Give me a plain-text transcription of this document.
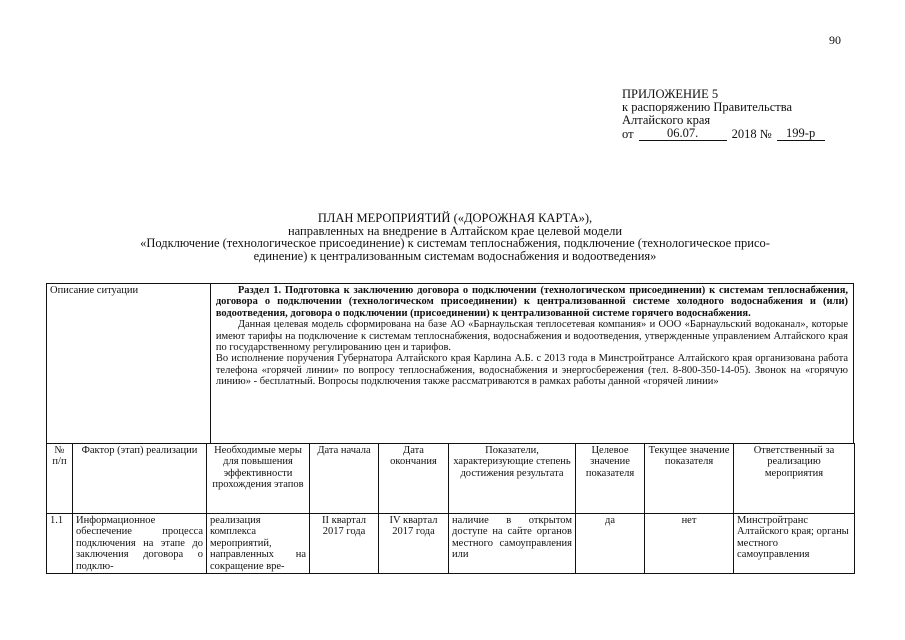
90
ПРИЛОЖЕНИЕ 5
к распоряжению Правительства
Алтайского края
от	06.07.	2018 №	199-р
ПЛАН МЕРОПРИЯТИЙ («ДОРОЖНАЯ КАРТА»),
направленных на внедрение в Алтайском крае целевой модели
«Подключение (технологическое присоединение) к системам теплоснабжения, подключение (технологическое присо-
единение) к централизованным системам водоснабжения и водоотведения»
Описание ситуации	Раздел 1. Подготовка к заключению договора о подключении (технологическом присоединении) к системам теплоснабжения, договора о подключении (технологическом присоединении) к централизованной системе холодного водоснабжения и (или) водоотведения, договора о подключении (присоединении) к централизованной системе горячего водоснабжения.

Данная целевая модель сформирована на базе АО «Барнаульская теплосетевая компания» и ООО «Барнаульский водоканал», которые имеют тарифы на подключение к системам теплоснабжения, водоснабжения и водоотведения, утвержденные управлением Алтайского края по государственному регулированию цен и тарифов.

Во исполнение поручения Губернатора Алтайского края Карлина А.Б. с 2013 года в Минстройтрансе Алтайского края организована работа телефона «горячей линии» по вопросу теплоснабжения, водоснабжения и энергосбережения (тел. 8-800-350-14-05). Звонок на «горячую линию» - бесплатный. Вопросы подключения также рассматриваются в рамках работы данной «горячей линии»

№ п/п	Фактор (этап) реализации	Необходимые меры для повышения эффективности прохождения этапов	Дата начала	Дата окончания	Показатели, характеризующие степень достижения результата	Целевое значение показателя	Текущее значение показателя	Ответственный за реализацию мероприятия
1.1	Информационное обеспечение процесса подключения на этапе до заключения договора о подклю-	реализация комплекса мероприятий, направленных на сокращение вре-	II квартал 2017 года	IV квартал 2017 года	наличие в открытом доступе на сайте органов местного самоуправления или	да	нет	Минстройтранс Алтайского края; органы местного самоуправления
